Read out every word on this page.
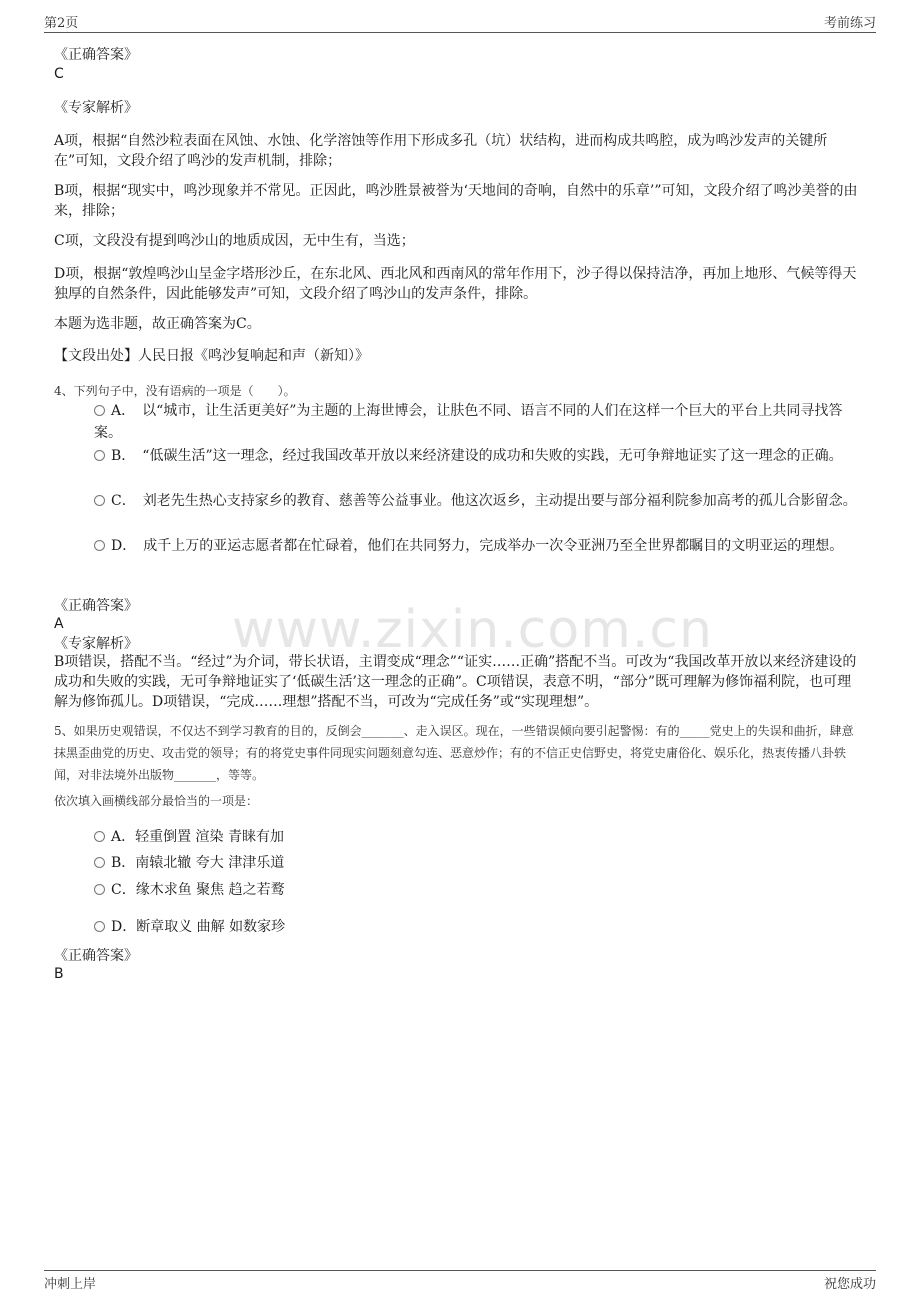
第2页	考前练习
www.zixin.com.cn
《正确答案》
C
《专家解析》
A项，根据“自然沙粒表面在风蚀、水蚀、化学溶蚀等作用下形成多孔（坑）状结构，进而构成共鸣腔，成为鸣沙发声的关键所在”可知，文段介绍了鸣沙的发声机制，排除；
B项，根据“现实中，鸣沙现象并不常见。正因此，鸣沙胜景被誉为‘天地间的奇响，自然中的乐章’”可知，文段介绍了鸣沙美誉的由来，排除；
C项，文段没有提到鸣沙山的地质成因，无中生有，当选；
D项，根据“敦煌鸣沙山呈金字塔形沙丘，在东北风、西北风和西南风的常年作用下，沙子得以保持洁净，再加上地形、气候等得天独厚的自然条件，因此能够发声”可知，文段介绍了鸣沙山的发声条件，排除。
本题为选非题，故正确答案为C。
【文段出处】人民日报《鸣沙复响起和声（新知）》
4、下列句子中，没有语病的一项是（　　）。
A．　以“城市，让生活更美好”为主题的上海世博会，让肤色不同、语言不同的人们在这样一个巨大的平台上共同寻找答案。
B．　“低碳生活”这一理念，经过我国改革开放以来经济建设的成功和失败的实践，无可争辩地证实了这一理念的正确。
C．　刘老先生热心支持家乡的教育、慈善等公益事业。他这次返乡，主动提出要与部分福利院参加高考的孤儿合影留念。
D．　成千上万的亚运志愿者都在忙碌着，他们在共同努力，完成举办一次令亚洲乃至全世界都瞩目的文明亚运的理想。
《正确答案》
A
《专家解析》
B项错误，搭配不当。“经过”为介词，带长状语，主谓变成“理念”“证实……正确”搭配不当。可改为“我国改革开放以来经济建设的成功和失败的实践，无可争辩地证实了‘低碳生活’这一理念的正确”。C项错误，表意不明，“部分”既可理解为修饰福利院，也可理解为修饰孤儿。D项错误，“完成……理想”搭配不当，可改为“完成任务”或“实现理想”。
5、如果历史观错误，不仅达不到学习教育的目的，反倒会_______、走入误区。现在，一些错误倾向要引起警惕：有的_____党史上的失误和曲折，肆意抹黑歪曲党的历史、攻击党的领导；有的将党史事件同现实问题刻意勾连、恶意炒作；有的不信正史信野史，将党史庸俗化、娱乐化，热衷传播八卦轶闻，对非法境外出版物_______，等等。
依次填入画横线部分最恰当的一项是：
A．轻重倒置 渲染 青睐有加
B．南辕北辙 夸大 津津乐道
C．缘木求鱼 聚焦 趋之若鹜
D．断章取义 曲解 如数家珍
《正确答案》
B
冲刺上岸	祝您成功
